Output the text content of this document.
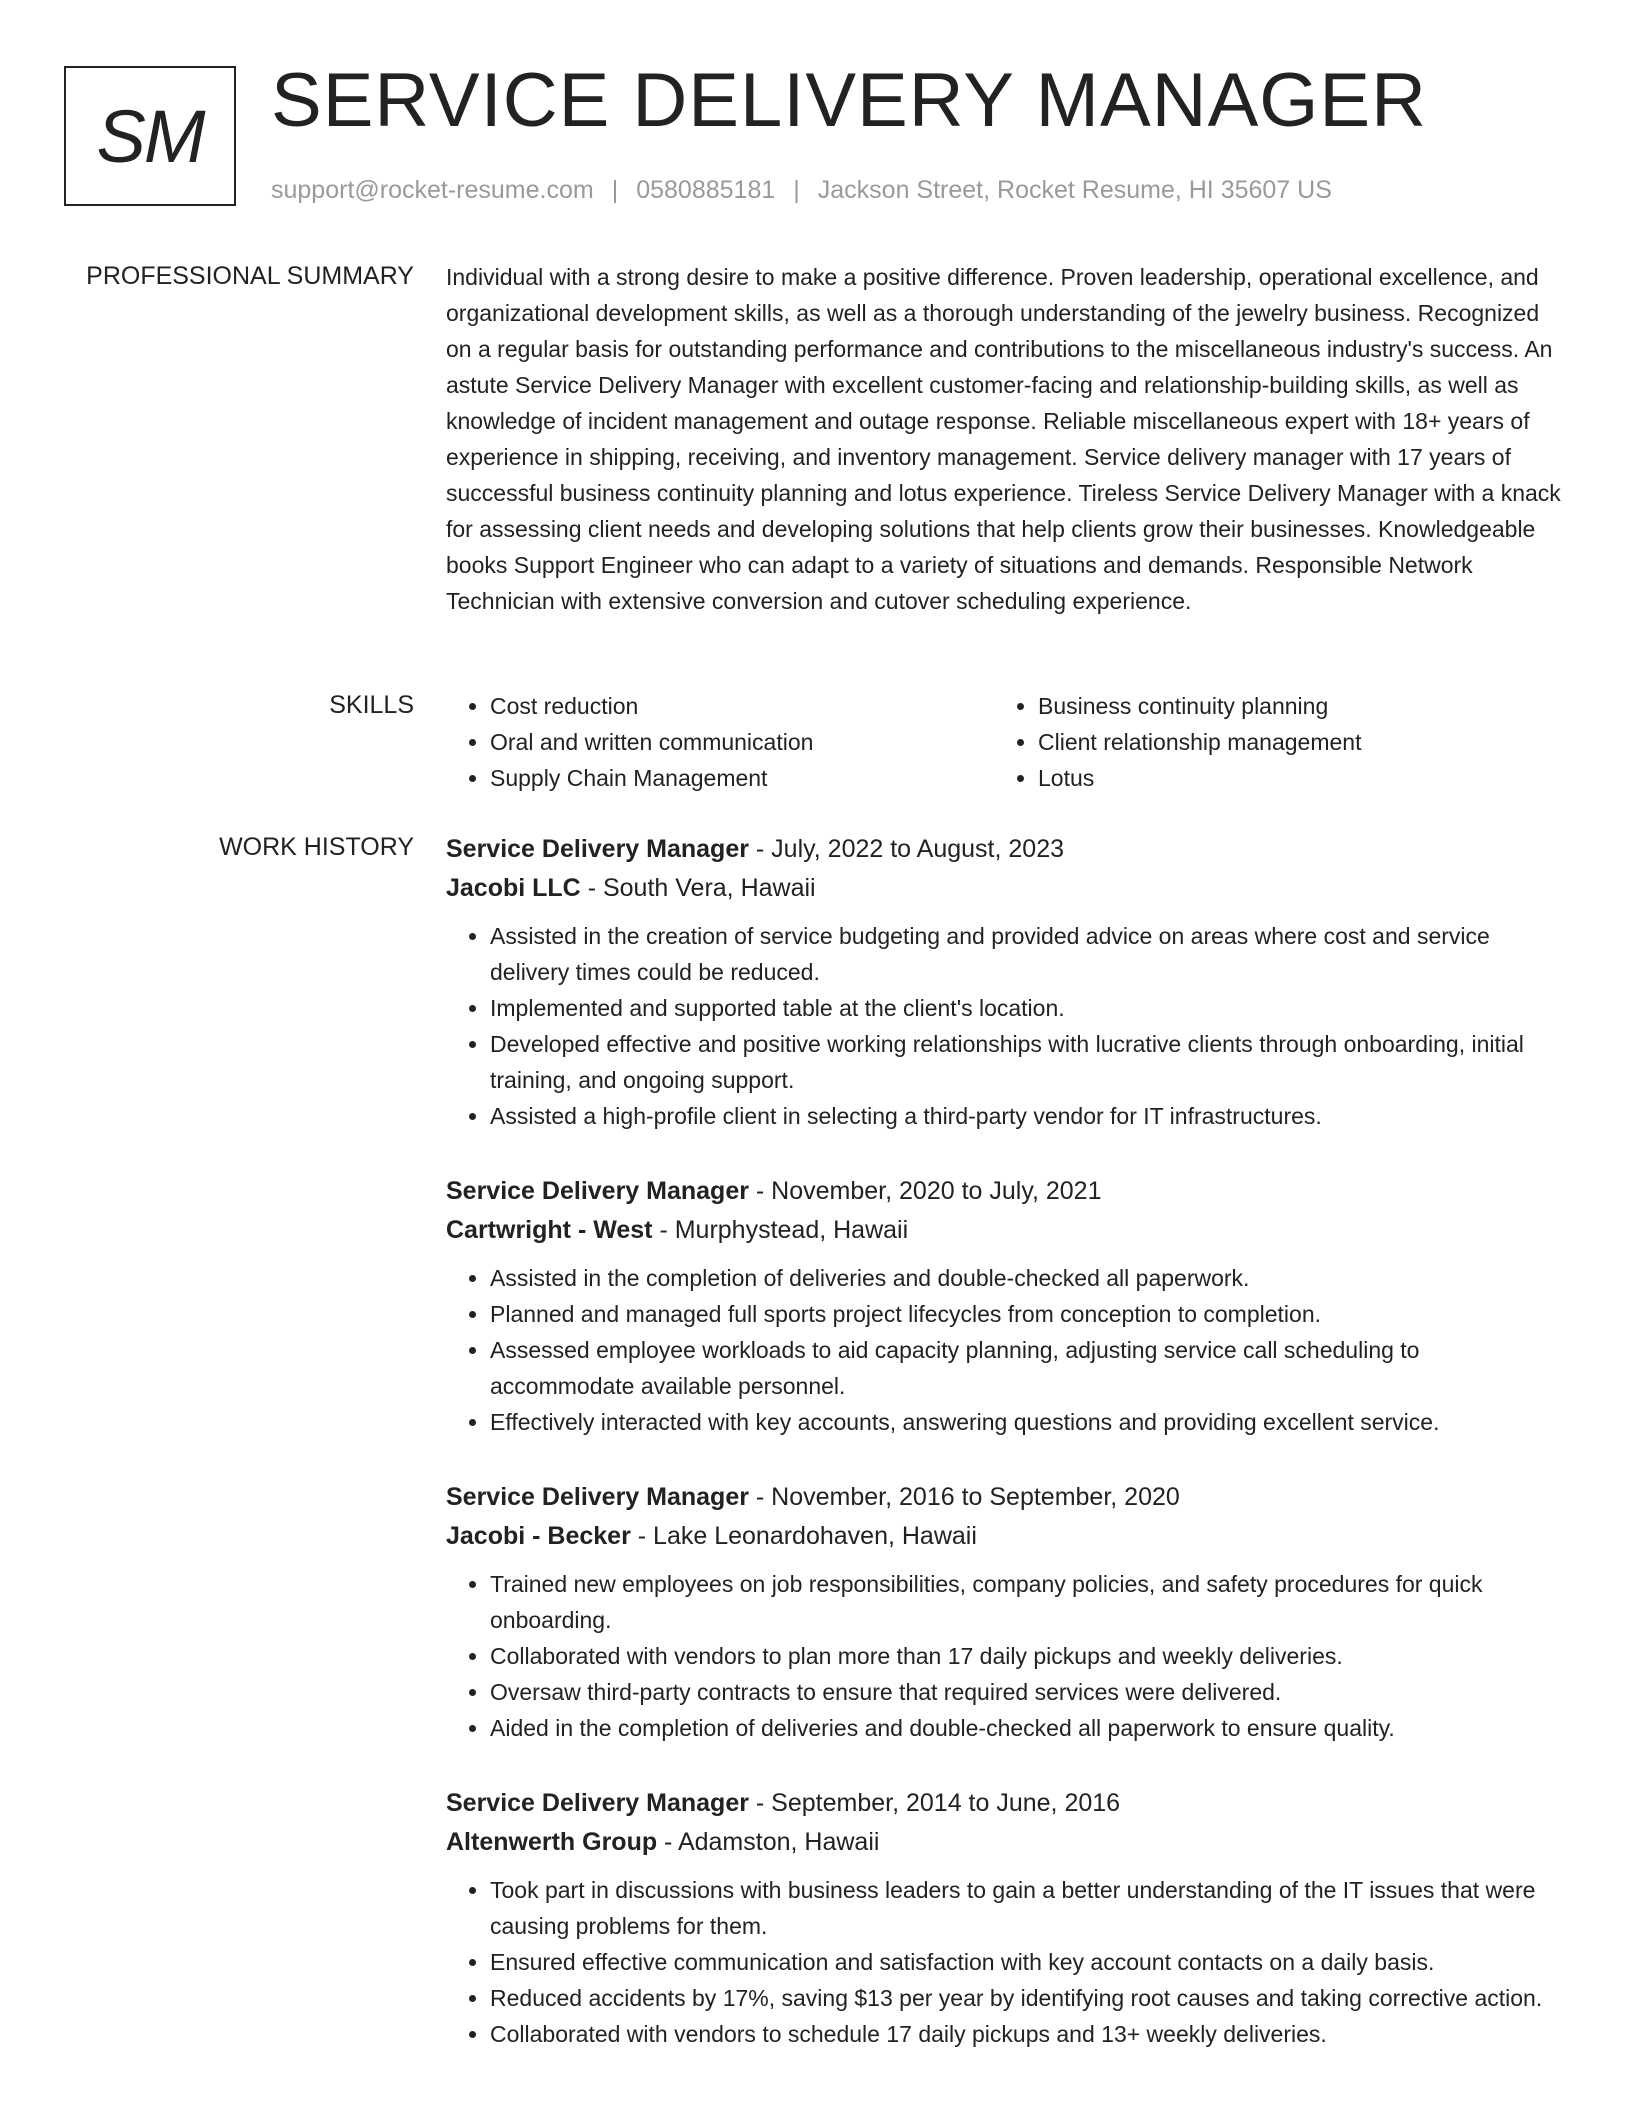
SM SERVICE DELIVERY MANAGER
support@rocket-resume.com | 0580885181 | Jackson Street, Rocket Resume, HI 35607 US
PROFESSIONAL SUMMARY Individual with a strong desire to make a positive difference. Proven leadership, operational excellence, and organizational development skills, as well as a thorough understanding of the jewelry business. Recognized on a regular basis for outstanding performance and contributions to the miscellaneous industry's success. An astute Service Delivery Manager with excellent customer-facing and relationship-building skills, as well as knowledge of incident management and outage response. Reliable miscellaneous expert with 18+ years of experience in shipping, receiving, and inventory management. Service delivery manager with 17 years of successful business continuity planning and lotus experience. Tireless Service Delivery Manager with a knack for assessing client needs and developing solutions that help clients grow their businesses. Knowledgeable books Support Engineer who can adapt to a variety of situations and demands. Responsible Network Technician with extensive conversion and cutover scheduling experience.

SKILLS
•	Cost reduction
• Oral and written communication
• Supply Chain Management
• Business continuity planning
• Client relationship management
• Lotus
WORK HISTORY Service Delivery Manager - July, 2022 to August, 2023
Jacobi LLC - South Vera, Hawaii
• Assisted in the creation of service budgeting and provided advice on areas where cost and service delivery times could be reduced.
• Implemented and supported table at the client's location.
• Developed effective and positive working relationships with lucrative clients through onboarding, initial training, and ongoing support.
• Assisted a high-profile client in selecting a third-party vendor for IT infrastructures.
Service Delivery Manager - November, 2020 to July, 2021
Cartwright - West - Murphystead, Hawaii
• Assisted in the completion of deliveries and double-checked all paperwork.
• Planned and managed full sports project lifecycles from conception to completion.
• Assessed employee workloads to aid capacity planning, adjusting service call scheduling to accommodate available personnel.
• Effectively interacted with key accounts, answering questions and providing excellent service.
Service Delivery Manager - November, 2016 to September, 2020
Jacobi - Becker - Lake Leonardohaven, Hawaii
• Trained new employees on job responsibilities, company policies, and safety procedures for quick onboarding.
• Collaborated with vendors to plan more than 17 daily pickups and weekly deliveries.
• Oversaw third-party contracts to ensure that required services were delivered.
• Aided in the completion of deliveries and double-checked all paperwork to ensure quality.
Service Delivery Manager - September, 2014 to June, 2016
Altenwerth Group - Adamston, Hawaii
• Took part in discussions with business leaders to gain a better understanding of the IT issues that were causing problems for them.
• Ensured effective communication and satisfaction with key account contacts on a daily basis.
• Reduced accidents by 17%, saving $13 per year by identifying root causes and taking corrective action.
• Collaborated with vendors to schedule 17 daily pickups and 13+ weekly deliveries.
